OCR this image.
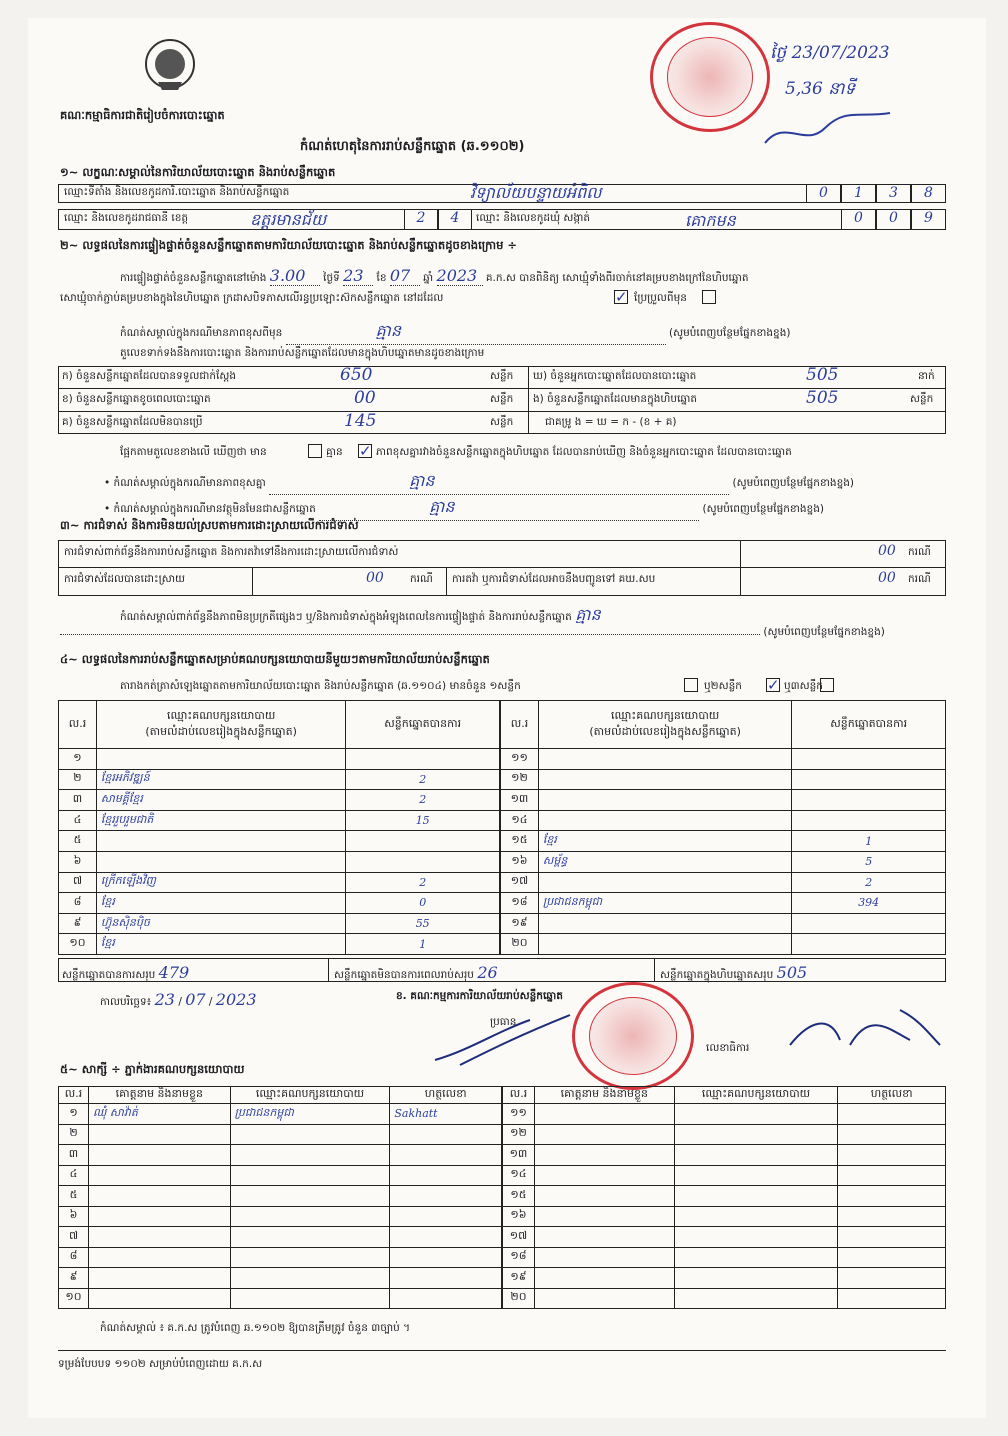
គណៈកម្មាធិការជាតិរៀបចំការបោះឆ្នោត
ថ្ងៃ 23/07/2023
5,36 នាទី
កំណត់ហេតុនៃការរាប់សន្លឹកឆ្នោត (ឆ.១១០២)
១~ លក្ខណៈសម្គាល់នៃការិយាល័យបោះឆ្នោត និងរាប់សន្លឹកឆ្នោត
ឈ្មោះទីតាំង និងលេខកូដការិ.បោះឆ្នោត និងរាប់សន្លឹកឆ្នោត	វិទ្យាល័យបន្ទាយអំពិល	0	1	3	8
ឈ្មោះ និងលេខកូដរាជធានី ខេត្ត	ឧត្តរមានជ័យ	2	4	ឈ្មោះ និងលេខកូដឃុំ សង្កាត់	គោកមន	0	0	9
២~ លទ្ធផលនៃការផ្ទៀងផ្ទាត់ចំនួនសន្លឹកឆ្នោតតាមការិយាល័យបោះឆ្នោត និងរាប់សន្លឹកឆ្នោតដូចខាងក្រោម ÷
ការផ្ទៀងផ្ទាត់ចំនួនសន្លឹកឆ្នោតនៅម៉ោង 3.00 ថ្ងៃទី 23 ខែ 07 ឆ្នាំ 2023 គ.ក.ស បានពិនិត្យ សោឃ្មុំទាំងពីរចាក់នៅគម្របខាងក្រៅនៃហិបឆ្នោត
សោឃ្មុំចាក់ភ្ជាប់គម្របខាងក្នុងនៃហិបឆ្នោត ក្រដាសបិទភាសលើរន្ធប្រឡោះស៊កសន្លឹកឆ្នោត នៅដដែល	✓ ប្រែប្រួលពីមុន
កំណត់សម្គាល់ក្នុងករណីមានភាពខុសពីមុន	គ្មាន	(សូមបំពេញបន្ថែមផ្នែកខាងខ្នង)
តួលេខទាក់ទងនឹងការបោះឆ្នោត និងការរាប់សន្លឹកឆ្នោតដែលមានក្នុងហិបឆ្នោតមានដូចខាងក្រោម
ក) ចំនួនសន្លឹកឆ្នោតដែលបានទទួលជាក់ស្តែង	650	សន្លឹក
ខ) ចំនួនសន្លឹកឆ្នោតខូចពេលបោះឆ្នោត	00	សន្លឹក
គ) ចំនួនសន្លឹកឆ្នោតដែលមិនបានប្រើ	145	សន្លឹក
ឃ) ចំនួនអ្នកបោះឆ្នោតដែលបានបោះឆ្នោត	505	នាក់
ង) ចំនួនសន្លឹកឆ្នោតដែលមានក្នុងហិបឆ្នោត	505	សន្លឹក
ជាគម្រូ ង = ឃ = ក - (ខ + គ)
ផ្អែកតាមតួលេខខាងលើ ឃើញថា មាន	គ្មាន ✓ ភាពខុសគ្នារវាងចំនួនសន្លឹកឆ្នោតក្នុងហិបឆ្នោត ដែលបានរាប់ឃើញ និងចំនួនអ្នកបោះឆ្នោត ដែលបានបោះឆ្នោត
• កំណត់សម្គាល់ក្នុងករណីមានភាពខុសគ្នា	គ្មាន	(សូមបំពេញបន្ថែមផ្នែកខាងខ្នង)
• កំណត់សម្គាល់ក្នុងករណីមានវត្ថុមិនមែនជាសន្លឹកឆ្នោត	គ្មាន	(សូមបំពេញបន្ថែមផ្នែកខាងខ្នង)
៣~ ការជំទាស់ និងការមិនយល់ស្របតាមការដោះស្រាយលើការជំទាស់
ការជំទាស់ពាក់ព័ន្ធនឹងការរាប់សន្លឹកឆ្នោត និងការតវ៉ាទៅនឹងការដោះស្រាយលើការជំទាស់	00 ករណី
ការជំទាស់ដែលបានដោះស្រាយ	00 ករណី ការតវ៉ា ឬការជំទាស់ដែលអាចនឹងបញ្ជូនទៅ គឃ.សប	00 ករណី
កំណត់សម្គាល់ពាក់ព័ន្ធនឹងភាពមិនប្រក្រតីផ្សេងៗ ឬ/និងការជំទាស់ក្នុងអំឡុងពេលនៃការផ្ទៀងផ្ទាត់ និងការរាប់សន្លឹកឆ្នោត គ្មាន
(សូមបំពេញបន្ថែមផ្នែកខាងខ្នង)
៤~ លទ្ធផលនៃការរាប់សន្លឹកឆ្នោតសម្រាប់គណបក្សនយោបាយនីមួយៗតាមការិយាល័យរាប់សន្លឹកឆ្នោត
តារាងកត់ត្រាសំឡេងឆ្នោតតាមការិយាល័យបោះឆ្នោត និងរាប់សន្លឹកឆ្នោត (ឆ.១១០៤) មានចំនួន ១សន្លឹក	ឬ២សន្លឹក ✓ ឬ៣សន្លឹក
ល.រ	ឈ្មោះគណបក្សនយោបាយ
(តាមលំដាប់លេខរៀងក្នុងសន្លឹកឆ្នោត)	សន្លឹកឆ្នោតបានការ
១		
២	ខ្មែរអភិវឌ្ឍន៍	2
៣	សាមគ្គីខ្មែរ	2
៤	ខ្មែររួបរួមជាតិ	15
៥		
៦		
៧	ក្រើកឡើងវិញ	2
៨	ខ្មែរ	0
៩	ហ៊្វុនស៊ិនប៉ិច	55
១០	ខ្មែរ	1
ល.រ	ឈ្មោះគណបក្សនយោបាយ
(តាមលំដាប់លេខរៀងក្នុងសន្លឹកឆ្នោត)	សន្លឹកឆ្នោតបានការ
១១		
១២		
១៣		
១៤		
១៥	ខ្មែរ	1
១៦	សម្ព័ន្ធ	5
១៧		2
១៨	ប្រជាជនកម្ពុជា	394
១៩		
២០		
សន្លឹកឆ្នោតបានការសរុប 479	សន្លឹកឆ្នោតមិនបានការពេលរាប់សរុប 26	សន្លឹកឆ្នោតក្នុងហិបឆ្នោតសរុប 505
កាលបរិច្ឆេទ៖ 23 / 07 / 2023	ខ. គណៈកម្មការការិយាល័យរាប់សន្លឹកឆ្នោត
ប្រធាន
លេខាធិការ
៥~ សាក្សី ÷ ភ្នាក់ងារគណបក្សនយោបាយ
ល.រ	គោត្តនាម និងនាមខ្លួន	ឈ្មោះគណបក្សនយោបាយ	ហត្ថលេខា
១	ឈុំ សាវ៉ាត់	ប្រជាជនកម្ពុជា	Sakhatt
២			
៣			
៤			
៥			
៦			
៧			
៨			
៩			
១០			
ល.រ	គោត្តនាម និងនាមខ្លួន	ឈ្មោះគណបក្សនយោបាយ	ហត្ថលេខា
១១			
១២			
១៣			
១៤			
១៥			
១៦			
១៧			
១៨			
១៩			
២០			
កំណត់សម្គាល់ ៖ គ.ក.ស ត្រូវបំពេញ ឆ.១១០២ ឱ្យបានត្រឹមត្រូវ ចំនួន ៣ច្បាប់ ។
ទម្រង់បែបបទ ១១០២ សម្រាប់បំពេញដោយ គ.ក.ស
